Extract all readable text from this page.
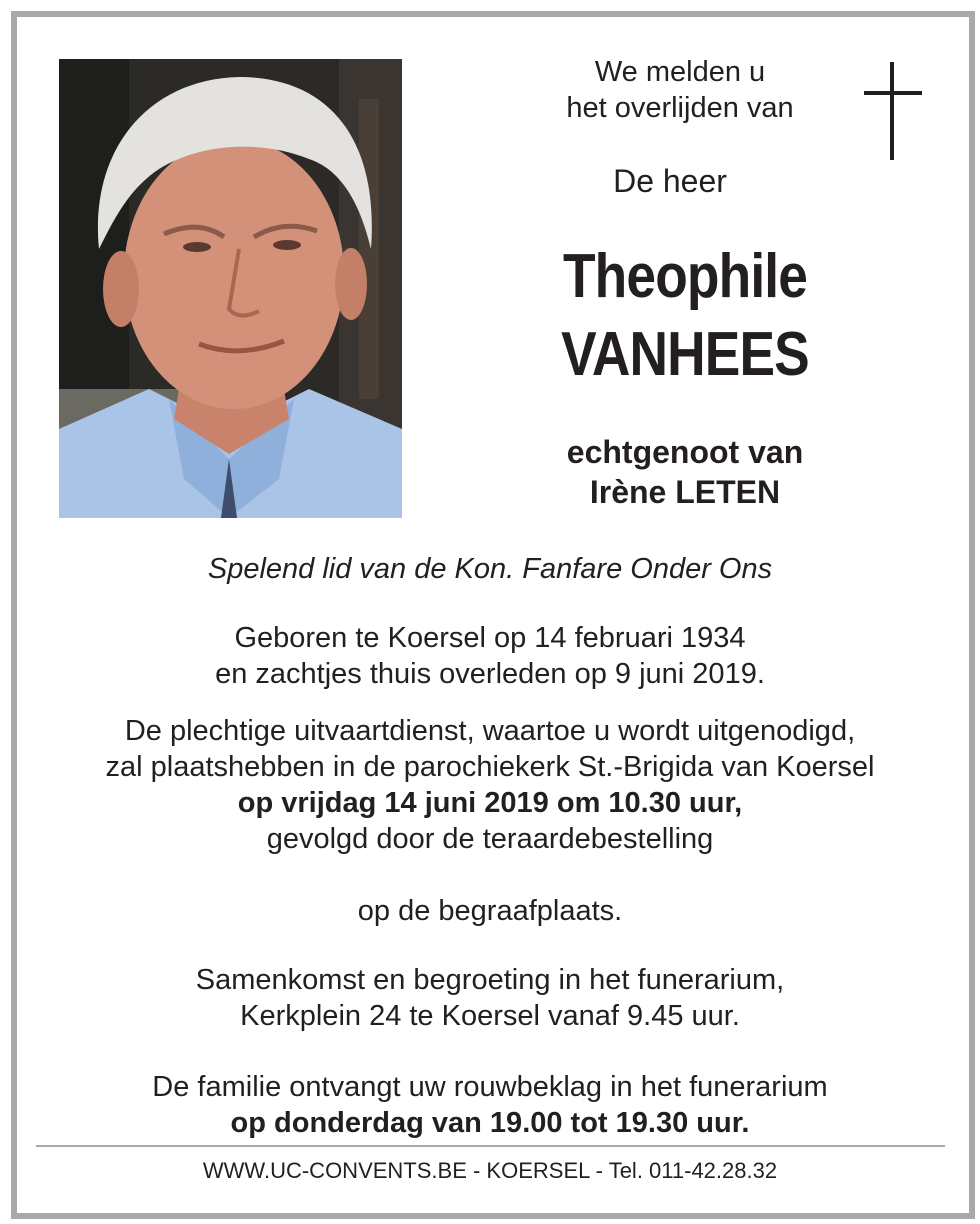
We melden u
het overlijden van
De heer
Theophile
VANHEES
echtgenoot van
Irène LETEN
Spelend lid van de Kon. Fanfare Onder Ons
Geboren te Koersel op 14 februari 1934
en zachtjes thuis overleden op 9 juni 2019.
De plechtige uitvaartdienst, waartoe u wordt uitgenodigd,
zal plaatshebben in de parochiekerk St.-Brigida van Koersel
op vrijdag 14 juni 2019 om 10.30 uur,
gevolgd door de teraardebestelling
op de begraafplaats.
Samenkomst en begroeting in het funerarium,
Kerkplein 24 te Koersel vanaf 9.45 uur.
De familie ontvangt uw rouwbeklag in het funerarium
op donderdag van 19.00 tot 19.30 uur.
WWW.UC-CONVENTS.BE - KOERSEL - Tel. 011-42.28.32
